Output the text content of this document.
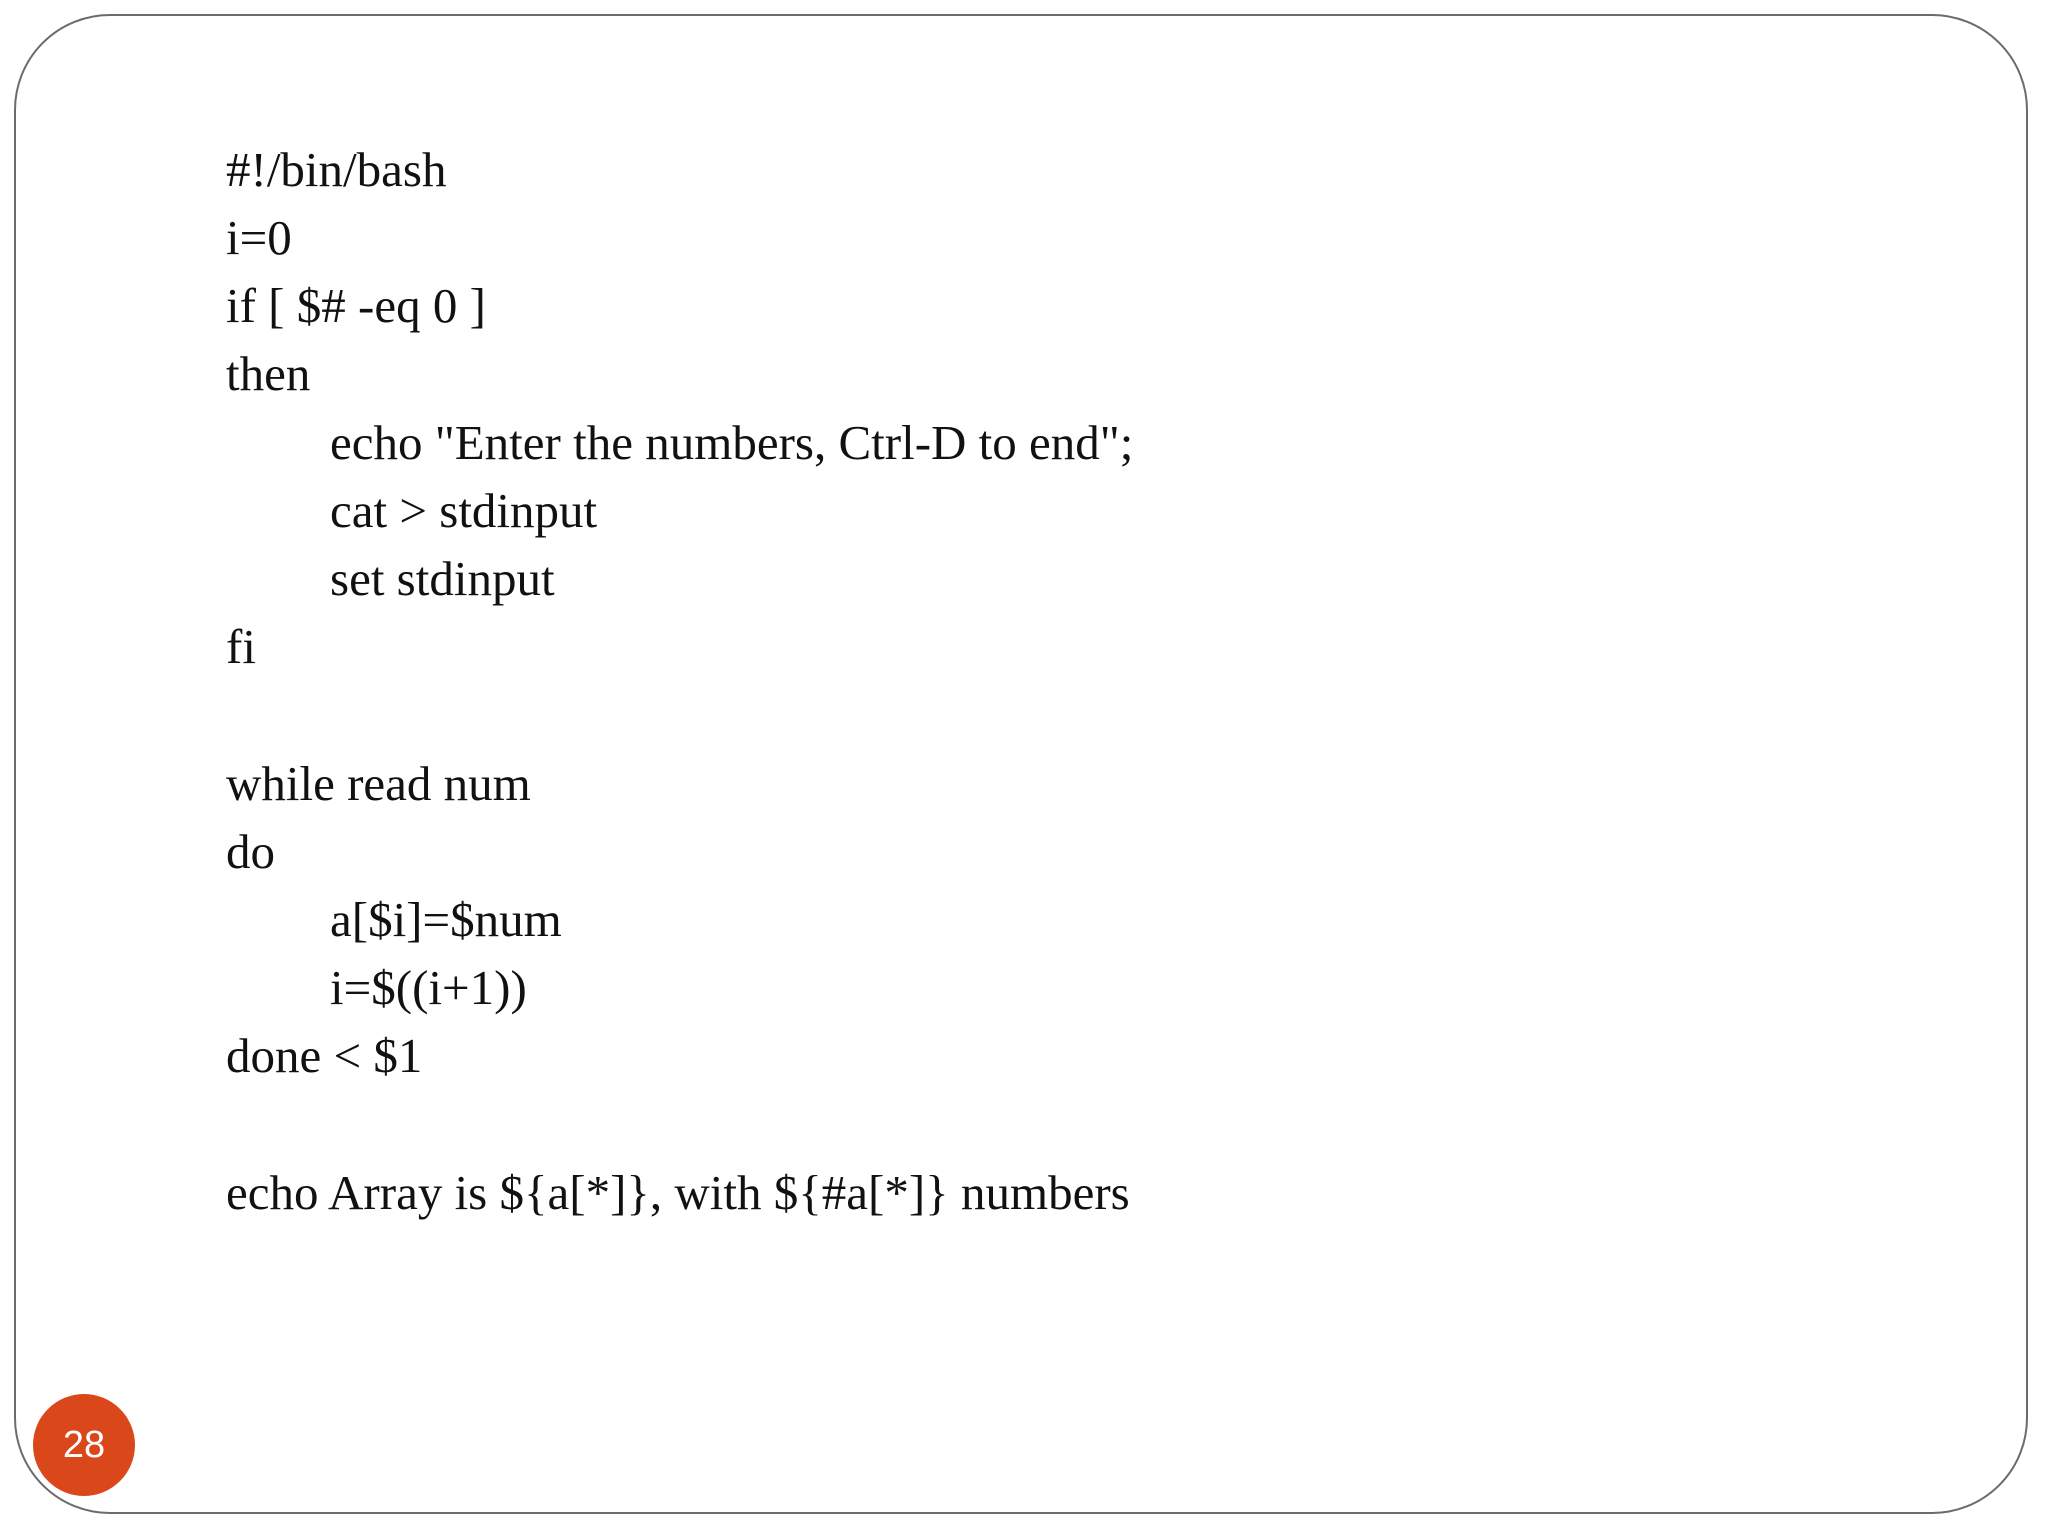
#!/bin/bash

i=0

if [ $# -eq 0 ]

then

echo "Enter the numbers, Ctrl-D to end";

cat > stdinput

set stdinput

fi

while read num

do

a[$i]=$num

i=$((i+1))

done < $1

echo Array is ${a[*]}, with ${#a[*]} numbers

28
